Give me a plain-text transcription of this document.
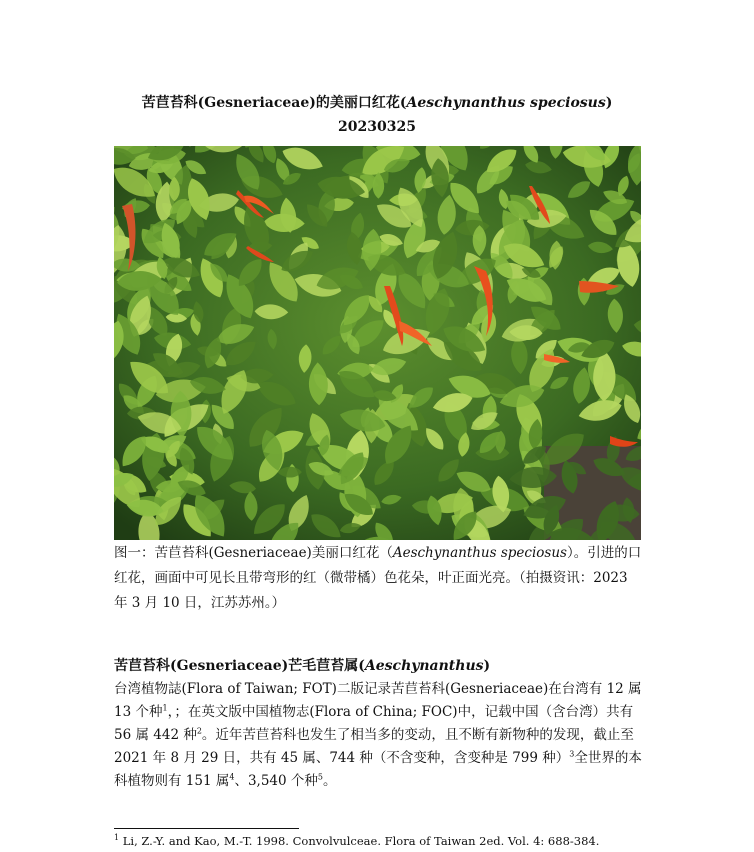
苦苣苔科(Gesneriaceae)的美丽口红花(Aeschynanthus speciosus)
20230325
图一：苦苣苔科(Gesneriaceae)美丽口红花（Aeschynanthus speciosus）。引进的口红花，画面中可见长且带弯形的红（微带橘）色花朵，叶正面光亮。（拍摄资讯：2023 年 3 月 10 日，江苏苏州。）
苦苣苔科(Gesneriaceae)芒毛苣苔属(Aeschynanthus)
台湾植物誌(Flora of Taiwan; FOT)二版记录苦苣苔科(Gesneriaceae)在台湾有 12 属 13 个种$^1$，；在英文版中国植物志(Flora of China; FOC)中，记载中国（含台湾）共有 56 属 442 种$^2$。近年苦苣苔科也发生了相当多的变动，且不断有新物种的发现，截止至 2021 年 8 月 29 日，共有 45 属、744 种（不含变种，含变种是 799 种）$^3$全世界的本科植物则有 151 属$^4$、3,540 个种$^5$。
$^1$ Li, Z.-Y. and Kao, M.-T. 1998. Convolvulceae. Flora of Taiwan 2ed. Vol. 4: 688-384.
